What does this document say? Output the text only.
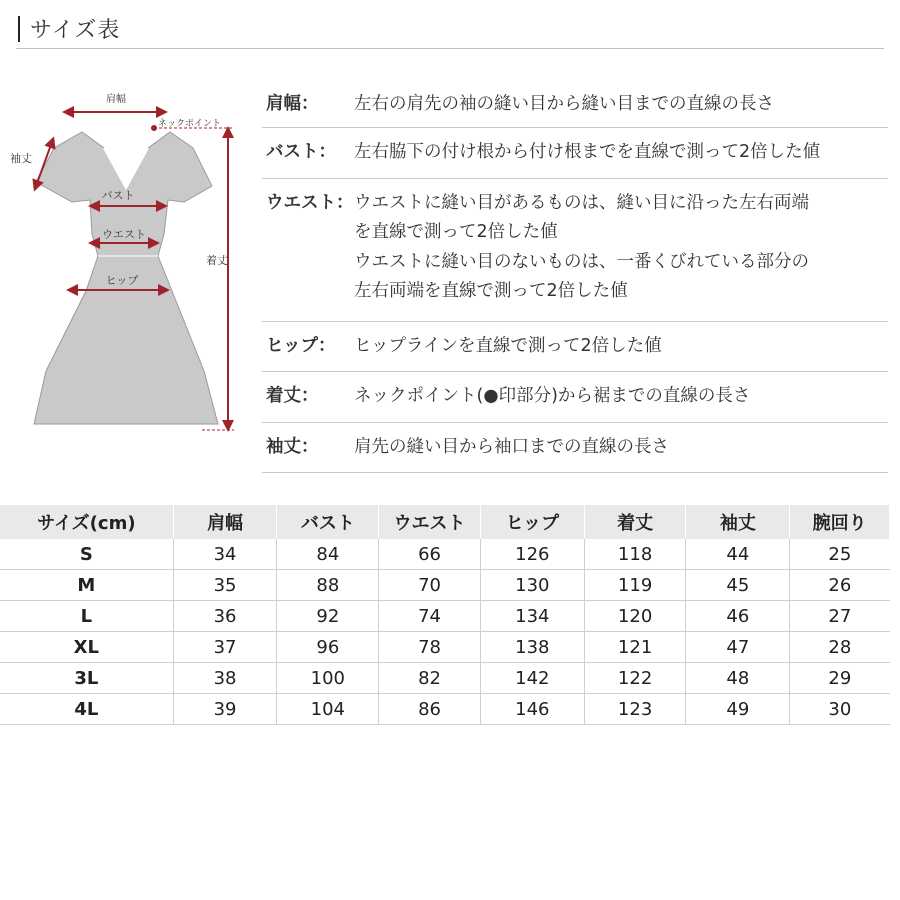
サイズ表
肩幅
ネックポイント
袖丈
バスト
ウエスト
ヒップ
着丈
肩幅： 左右の肩先の袖の縫い目から縫い目までの直線の長さ
バスト： 左右脇下の付け根から付け根までを直線で測って2倍した値
ウエスト： ウエストに縫い目があるものは、縫い目に沿った左右両端
を直線で測って2倍した値
ウエストに縫い目のないものは、一番くびれている部分の
左右両端を直線で測って2倍した値
ヒップ： ヒップラインを直線で測って2倍した値
着丈： ネックポイント(●印部分)から裾までの直線の長さ
袖丈： 肩先の縫い目から袖口までの直線の長さ
サイズ(cm)	肩幅	バスト	ウエスト	ヒップ	着丈	袖丈	腕回り
S	34	84	66	126	118	44	25
M	35	88	70	130	119	45	26
L	36	92	74	134	120	46	27
XL	37	96	78	138	121	47	28
3L	38	100	82	142	122	48	29
4L	39	104	86	146	123	49	30
